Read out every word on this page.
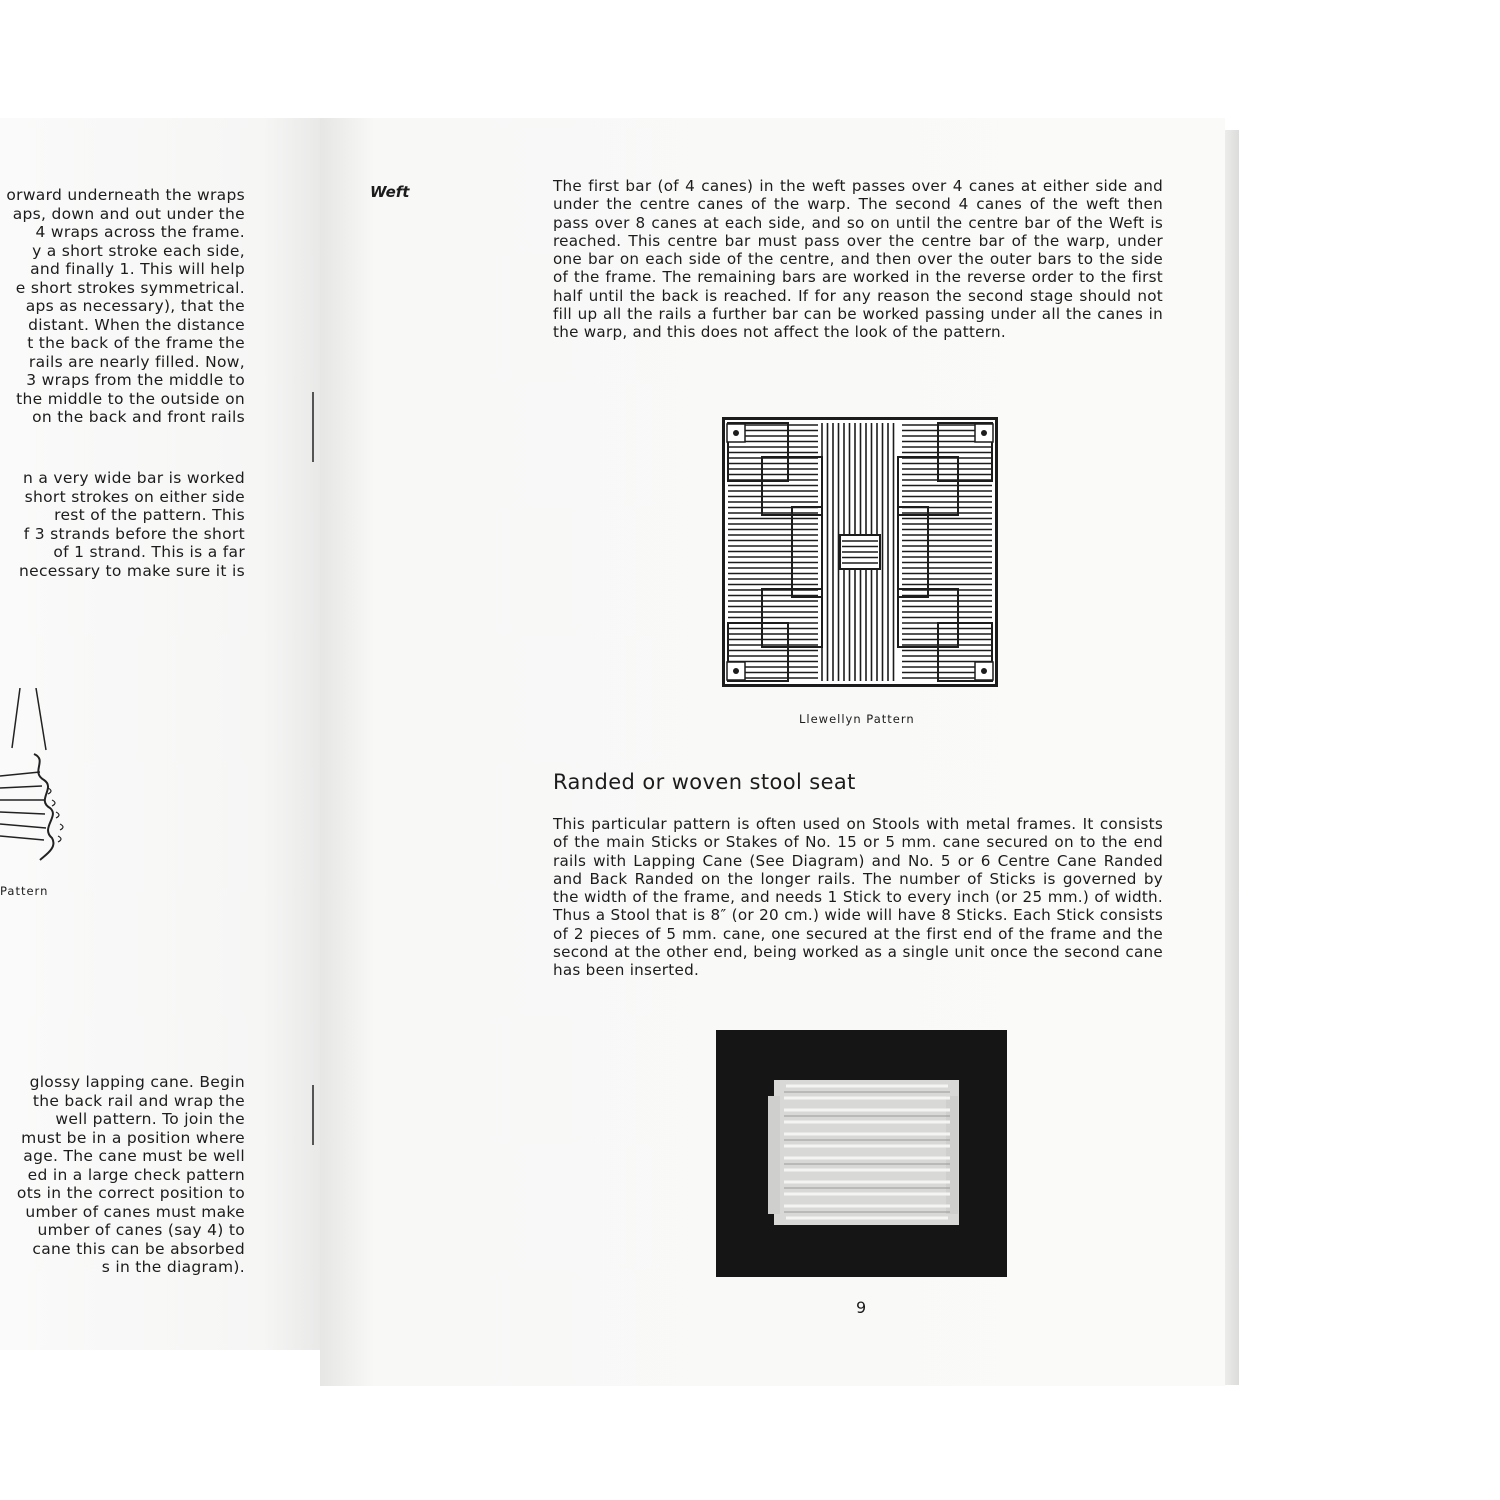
orward underneath the wraps
aps, down and out under the
4 wraps across the frame.
y a short stroke each side,
and finally 1. This will help
e short strokes symmetrical.
aps as necessary), that the
distant. When the distance
t the back of the frame the
rails are nearly filled. Now,
3 wraps from the middle to
the middle to the outside on
on the back and front rails
n a very wide bar is worked
short strokes on either side
rest of the pattern. This
f 3 strands before the short
of 1 strand. This is a far
necessary to make sure it is
glossy lapping cane. Begin
the back rail and wrap the
well pattern. To join the
must be in a position where
age. The cane must be well
ed in a large check pattern
ots in the correct position to
umber of canes must make
umber of canes (say 4) to
cane this can be absorbed
s in the diagram).
Pattern
Weft	The first bar (of 4 canes) in the weft passes over 4 canes at either side and under the centre canes of the warp. The second 4 canes of the weft then pass over 8 canes at each side, and so on until the centre bar of the Weft is reached. This centre bar must pass over the centre bar of the warp, under one bar on each side of the centre, and then over the outer bars to the side of the frame. The remaining bars are worked in the reverse order to the first half until the back is reached. If for any reason the second stage should not fill up all the rails a further bar can be worked passing under all the canes in the warp, and this does not affect the look of the pattern.

Llewellyn Pattern
Randed or woven stool seat

This particular pattern is often used on Stools with metal frames. It consists of the main Sticks or Stakes of No. 15 or 5 mm. cane secured on to the end rails with Lapping Cane (See Diagram) and No. 5 or 6 Centre Cane Randed and Back Randed on the longer rails. The number of Sticks is governed by the width of the frame, and needs 1 Stick to every inch (or 25 mm.) of width. Thus a Stool that is 8″ (or 20 cm.) wide will have 8 Sticks. Each Stick consists of 2 pieces of 5 mm. cane, one secured at the first end of the frame and the second at the other end, being worked as a single unit once the second cane has been inserted.

9
